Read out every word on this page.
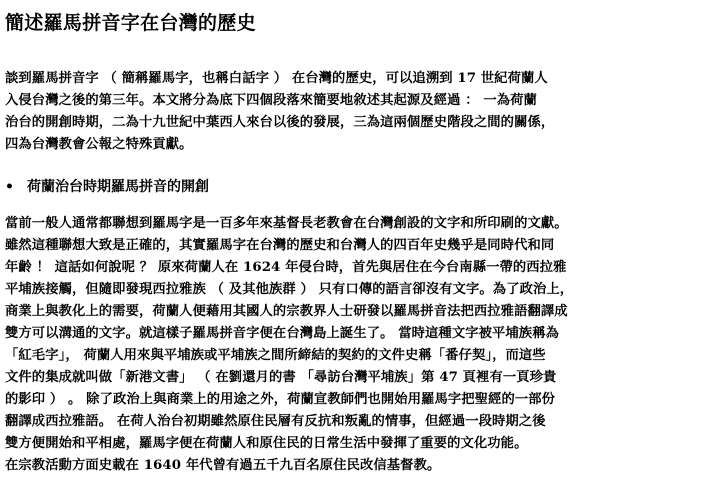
簡述羅馬拼音字在台灣的歷史
談到羅馬拼音字 （ 簡稱羅馬字，也稱白話字 ） 在台灣的歷史，可以追溯到 17 世紀荷蘭人
入侵台灣之後的第三年。本文將分為底下四個段落來簡要地敘述其起源及經過 ： 一為荷蘭
治台的開創時期，二為十九世紀中葉西人來台以後的發展，三為這兩個歷史階段之間的關係，
四為台灣教會公報之特殊貢獻。
• 荷蘭治台時期羅馬拼音的開創
當前一般人通常都聯想到羅馬字是一百多年來基督長老教會在台灣創設的文字和所印刷的文獻。
雖然這種聯想大致是正確的，其實羅馬字在台灣的歷史和台灣人的四百年史幾乎是同時代和同
年齡 ！ 這話如何說呢 ？ 原來荷蘭人在 1624 年侵台時，首先與居住在今台南縣一帶的西拉雅
平埔族接觸，但隨即發現西拉雅族 （ 及其他族群 ） 只有口傳的語言卻沒有文字。為了政治上，
商業上與教化上的需要，荷蘭人便藉用其國人的宗教界人士研發以羅馬拼音法把西拉雅語翻譯成
雙方可以溝通的文字。就這樣子羅馬拼音字便在台灣島上誕生了。 當時這種文字被平埔族稱為
「紅毛字」， 荷蘭人用來與平埔族或平埔族之間所締結的契約的文件史稱「番仔契」，而這些
文件的集成就叫做「新港文書」 （ 在劉還月的書 「尋訪台灣平埔族」第 47 頁裡有一頁珍貴
的影印 ） 。 除了政治上與商業上的用途之外，荷蘭宣教師們也開始用羅馬字把聖經的一部份
翻譯成西拉雅語。 在荷人治台初期雖然原住民層有反抗和叛亂的情事，但經過一段時期之後
雙方便開始和平相處，羅馬字便在荷蘭人和原住民的日常生活中發揮了重要的文化功能。
在宗教活動方面史載在 1640 年代曾有過五千九百名原住民改信基督教。
